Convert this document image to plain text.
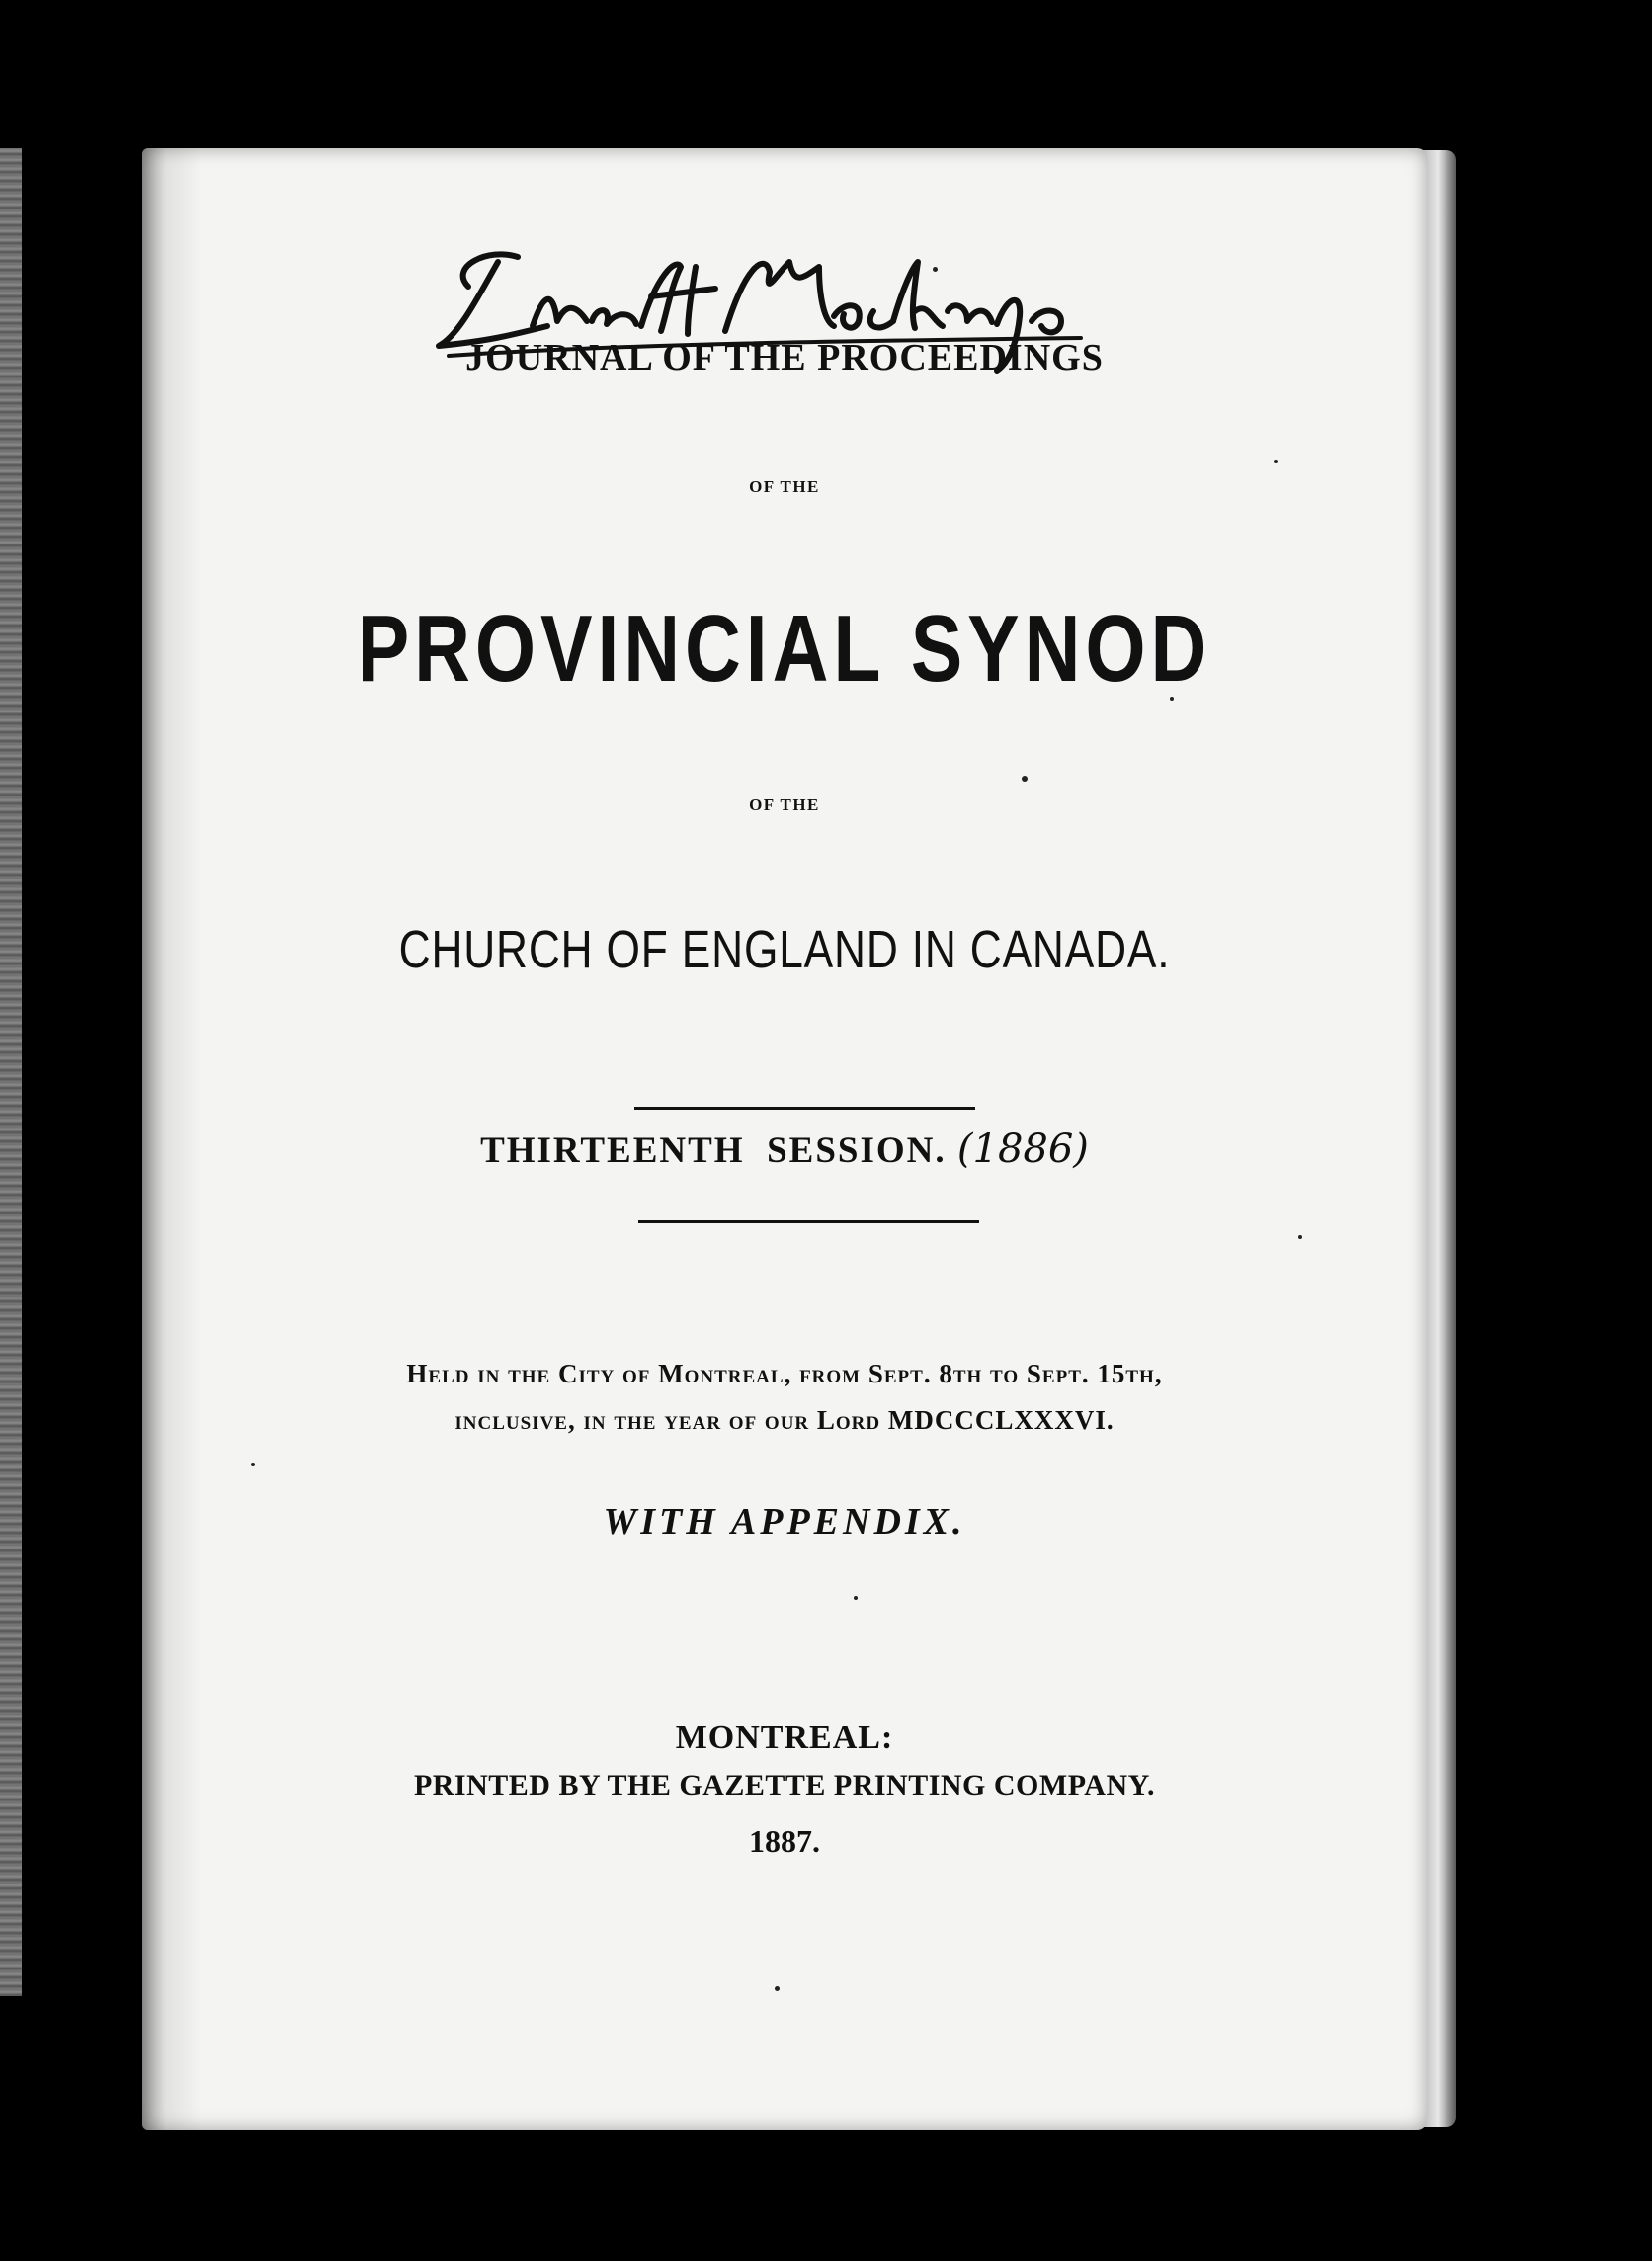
JOURNAL OF THE PROCEEDINGS
OF THE
PROVINCIAL SYNOD
OF THE
CHURCH OF ENGLAND IN CANADA.
THIRTEENTH  SESSION. (1886)
Held in the City of Montreal, from Sept. 8th to Sept. 15th,
inclusive, in the year of our Lord MDCCCLXXXVI.
WITH APPENDIX.
MONTREAL:
PRINTED BY THE GAZETTE PRINTING COMPANY.
1887.
